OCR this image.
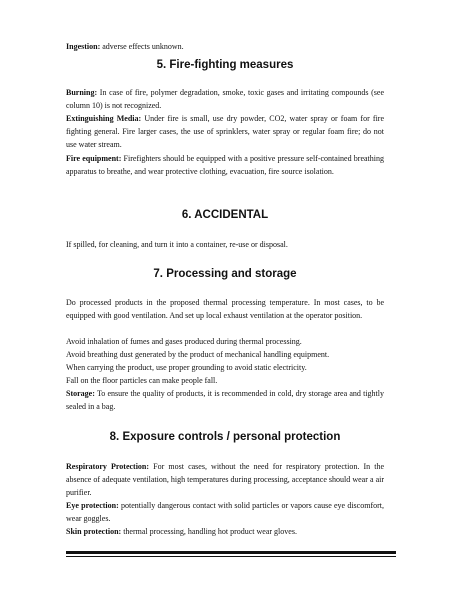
Ingestion: adverse effects unknown.

5. Fire-fighting measures

Burning: In case of fire, polymer degradation, smoke, toxic gases and irritating compounds (see column 10) is not recognized.

Extinguishing Media: Under fire is small, use dry powder, CO2, water spray or foam for fire fighting general. Fire larger cases, the use of sprinklers, water spray or regular foam fire; do not use water stream.

Fire equipment: Firefighters should be equipped with a positive pressure self-contained breathing apparatus to breathe, and wear protective clothing, evacuation, fire source isolation.

6. ACCIDENTAL

If spilled, for cleaning, and turn it into a container, re-use or disposal.

7. Processing and storage

Do processed products in the proposed thermal processing temperature. In most cases, to be equipped with good ventilation. And set up local exhaust ventilation at the operator position.

Avoid inhalation of fumes and gases produced during thermal processing.

Avoid breathing dust generated by the product of mechanical handling equipment.

When carrying the product, use proper grounding to avoid static electricity.

Fall on the floor particles can make people fall.

Storage: To ensure the quality of products, it is recommended in cold, dry storage area and tightly sealed in a bag.

8. Exposure controls / personal protection

Respiratory Protection: For most cases, without the need for respiratory protection. In the absence of adequate ventilation, high temperatures during processing, acceptance should wear a air purifier.

Eye protection: potentially dangerous contact with solid particles or vapors cause eye discomfort, wear goggles.

Skin protection: thermal processing, handling hot product wear gloves.
